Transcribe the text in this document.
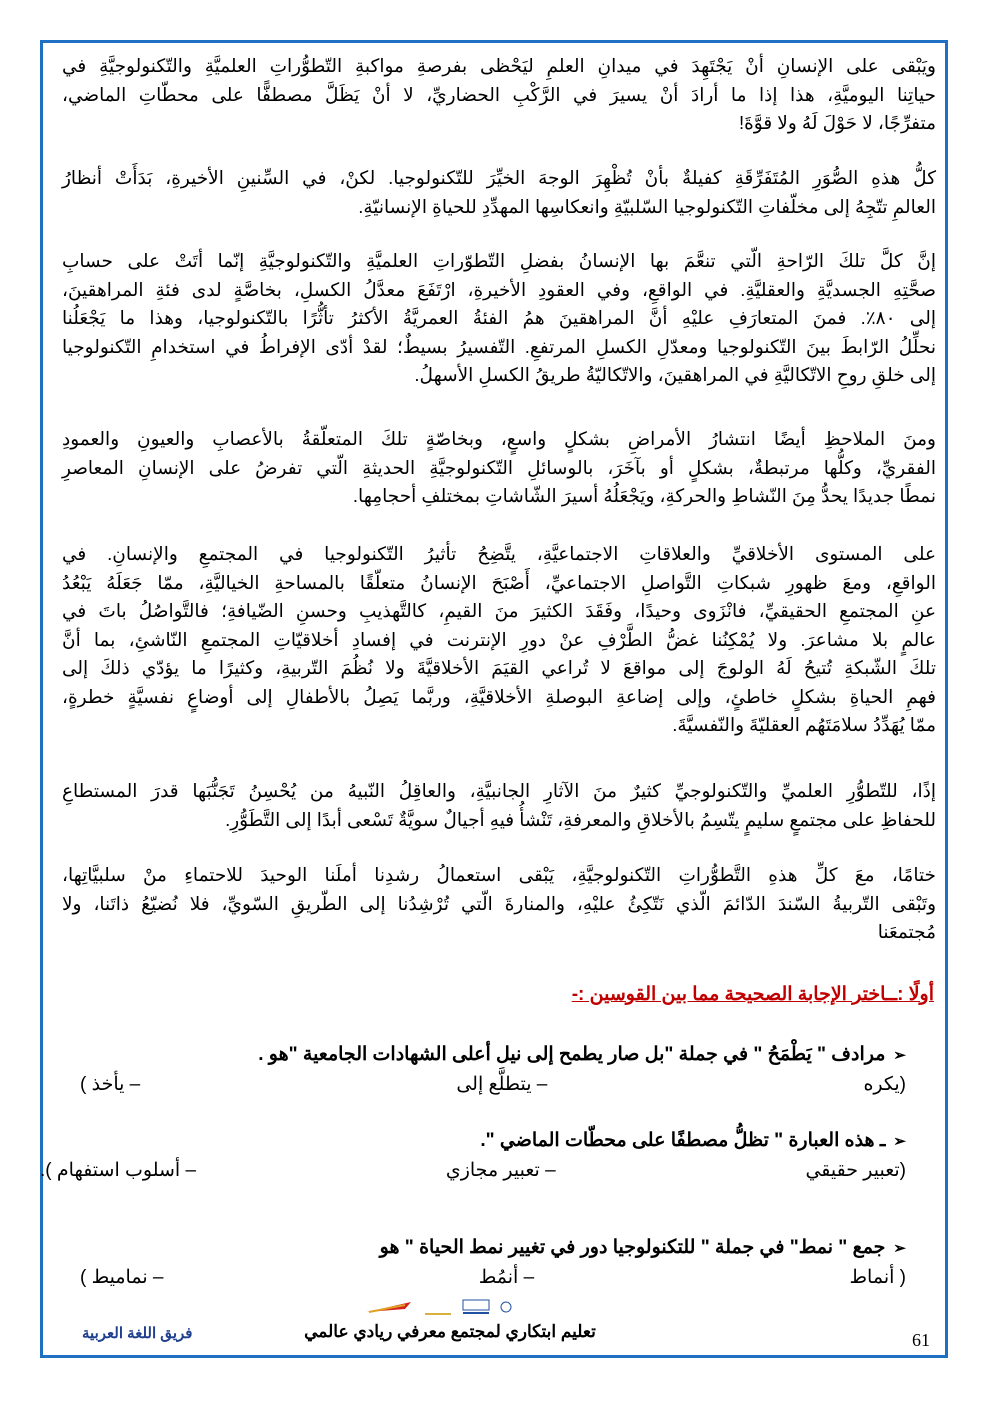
ويَبْقى على الإنسانِ أنْ يَجْتَهِدَ في ميدانِ العلمِ ليَحْظى بفرصةِ مواكبةِ التّطوُّراتِ العلميَّةِ والتّكنولوجيَّةِ في
حياتِنا اليوميَّةِ، هذا إذا ما أرادَ أنْ يسيرَ في الرَّكْبِ الحضاريِّ، لا أنْ يَظَلَّ مصطفًّا على محطّاتِ الماضي،
متفرِّجًا، لا حَوْلَ لَهُ ولا قوَّةَ!
كلُّ هذهِ الصُّوَرِ المُتَفَرِّقَةِ كفيلةٌ بأنْ تُظْهِرَ الوجهَ الخيِّرَ للتّكنولوجيا. لكنْ، في السِّنينِ الأخيرةِ، بَدَأَتْ أنظارُ
العالمِ تتّجِهُ إلى مخلّفاتِ التّكنولوجيا السّلبيّةِ وانعكاسِها المهدِّدِ للحياةِ الإنسانيّةِ.
إنَّ كلَّ تلكَ الرّاحةِ الّتي تنعَّمَ بها الإنسانُ بفضلِ التّطوّراتِ العلميَّةِ والتّكنولوجيَّةِ إنّما أتَتْ على حسابِ
صحَّتِهِ الجسديَّةِ والعقليَّةِ. في الواقعِ، وفي العقودِ الأخيرةِ، ارْتَفَعَ معدَّلُ الكسلِ، بخاصَّةٍ لدى فئةِ المراهقينَ،
إلى ٨٠٪. فمنَ المتعارَفِ عليْهِ أنَّ المراهقينَ همُ الفئةُ العمريَّةُ الأكثرُ تأثُّرًا بالتّكنولوجيا، وهذا ما يَجْعَلُنا
نحلِّلُ الرّابطَ بينَ التّكنولوجيا ومعدّلِ الكسلِ المرتفعِ. التّفسيرُ بسيطٌ؛ لقدْ أدّى الإفراطُ في استخدامِ التّكنولوجيا
إلى خلقِ روحِ الاتّكاليَّةِ في المراهقينَ، والاتّكاليّةُ طريقُ الكسلِ الأسهلُ.
ومنَ الملاحظِ أيضًا انتشارُ الأمراضِ بشكلٍ واسعٍ، وبخاصّةٍ تلكَ المتعلّقةُ بالأعصابِ والعيونِ والعمودِ
الفقريِّ، وكلُّها مرتبطةٌ، بشكلٍ أو بآخَرَ، بالوسائلِ التّكنولوجيَّةِ الحديثةِ الّتي تفرضُ على الإنسانِ المعاصرِ
نمطًا جديدًا يحدُّ مِنَ النّشاطِ والحركةِ، ويَجْعَلُهُ أسيرَ الشّاشاتِ بمختلفِ أحجامِها.
على المستوى الأخلاقيِّ والعلاقاتِ الاجتماعيَّةِ، يتَّضِحُ تأثيرُ التّكنولوجيا في المجتمعِ والإنسانِ. في
الواقعِ، ومعَ ظهورِ شبكاتِ التَّواصلِ الاجتماعيِّ، أَصْبَحَ الإنسانُ متعلّقًا بالمساحةِ الخياليَّةِ، ممّا جَعَلَهُ يَبْعُدُ
عنِ المجتمعِ الحقيقيِّ، فانْزَوى وحيدًا، وفَقَدَ الكثيرَ منَ القيمِ، كالتَّهذيبِ وحسنِ الضّيافةِ؛ فالتَّواصُلُ باتَ في
عالمٍ بلا مشاعرَ. ولا يُمْكِنُنا غضُّ الطَّرْفِ عنْ دورِ الإنترنت في إفسادِ أخلاقيّاتِ المجتمعِ النّاشئِ، بما أنَّ
تلكَ الشّبكةِ تُتيحُ لَهُ الولوجَ إلى مواقعَ لا تُراعي القيَمَ الأخلاقيَّةَ ولا نُظُمَ التّربيةِ، وكثيرًا ما يؤدّي ذلكَ إلى
فهمِ الحياةِ بشكلٍ خاطئٍ، وإلى إضاعةِ البوصلةِ الأخلاقيَّةِ، وربَّما يَصِلُ بالأطفالِ إلى أوضاعٍ نفسيَّةٍ خطرةٍ،
ممّا يُهَدِّدُ سلامَتَهُم العقليّةَ والنّفسيَّةَ.
إذًا، للتّطوُّرِ العلميِّ والتّكنولوجيِّ كثيرٌ منَ الآثارِ الجانبيَّةِ، والعاقِلُ النّبيهُ من يُحْسِنُ تَجَنُّبَها قدرَ المستطاعِ
للحفاظِ على مجتمعٍ سليمٍ يتّسِمُ بالأخلاقِ والمعرفةِ، تَنْشأُ فيهِ أجيالٌ سويَّةٌ تَسْعى أبدًا إلى التَّطَوُّرِ.
ختامًا، معَ كلِّ هذهِ التَّطوُّراتِ التّكنولوجيَّةِ، يَبْقى استعمالُ رشدِنا أملَنا الوحيدَ للاحتماءِ منْ سلبيَّاتِها،
وتَبْقى التّربيةُ السّندَ الدّائمَ الّذي نَتّكِئُ عليْهِ، والمنارةَ الّتي تُرْشِدُنا إلى الطّريقِ السّويِّ، فلا نُضيّعُ ذاتَنا، ولا
مُجتمعَنا
أولًا :ــاختر الإجابة الصحيحة مما بين القوسين :-
➢مرادف " يَطْمَحُ " في جملة "بل صار يطمح إلى نيل أعلى الشهادات الجامعية "هو .
(يكره
– يتطلَّع إلى
– يأخذ )
➢ـ هذه العبارة " تظلُّ مصطفًا على محطّات الماضي ".
(تعبير حقيقي
– تعبير مجازي
– أسلوب استفهام ).
➢جمع " نمط" في جملة " للتكنولوجيا دور في تغيير نمط الحياة " هو
( أنماط
– أنمُط
– نماميط )
تعليم ابتكاري لمجتمع معرفي ريادي عالمي
فريق اللغة العربية	61
